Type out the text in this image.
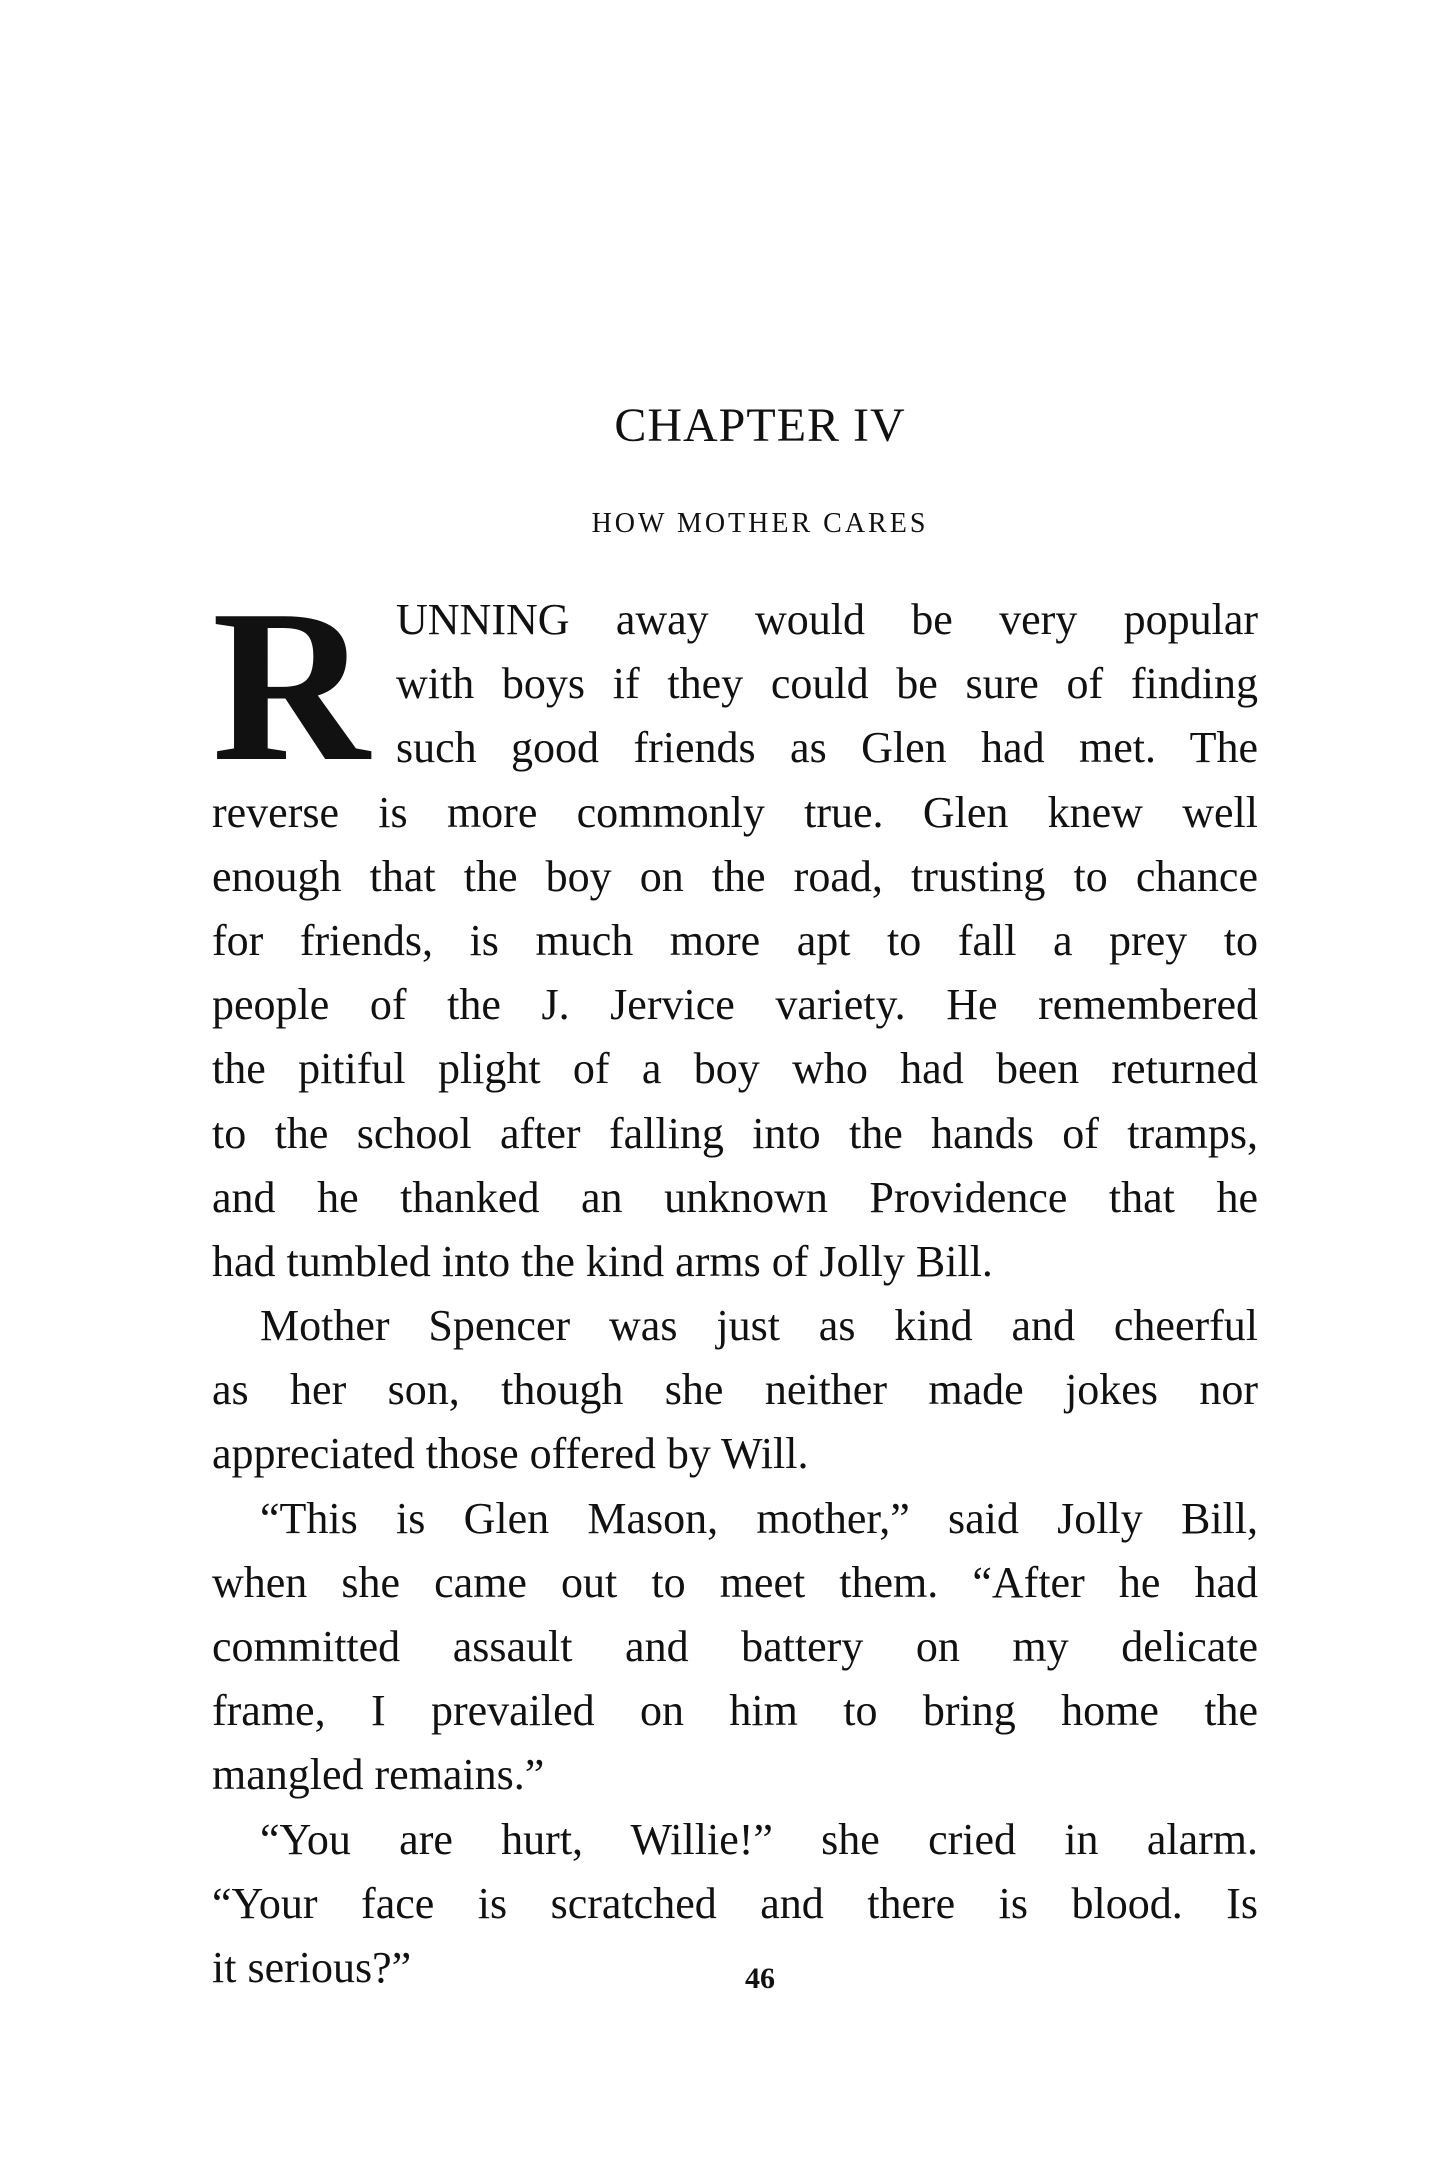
CHAPTER IV
HOW MOTHER CARES
R UNNING away would be very popular
with boys if they could be sure of finding
such good friends as Glen had met. The
reverse is more commonly true. Glen knew well
enough that the boy on the road, trusting to chance
for friends, is much more apt to fall a prey to
people of the J. Jervice variety. He remembered
the pitiful plight of a boy who had been returned
to the school after falling into the hands of tramps,
and he thanked an unknown Providence that he
had tumbled into the kind arms of Jolly Bill.
Mother Spencer was just as kind and cheerful
as her son, though she neither made jokes nor
appreciated those offered by Will.
“This is Glen Mason, mother,” said Jolly Bill,
when she came out to meet them. “After he had
committed assault and battery on my delicate
frame, I prevailed on him to bring home the
mangled remains.”
“You are hurt, Willie!” she cried in alarm.
“Your face is scratched and there is blood. Is
it serious?”	46
